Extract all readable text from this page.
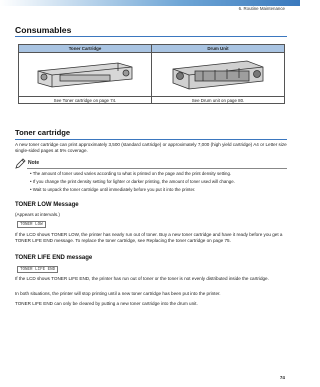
6. Routine Maintenance
Consumables
Toner Cartridge	Drum Unit

See Toner cartridge on page 74.	See Drum unit on page 80.
Toner cartridge
A new toner cartridge can print approximately 3,500 (standard cartridge) or approximately 7,000 (high yield cartridge) A4 or Letter size single-sided pages at 5% coverage.
Note
• The amount of toner used varies according to what is printed on the page and the print density setting.
• If you change the print density setting for lighter or darker printing, the amount of toner used will change.
• Wait to unpack the toner cartridge until immediately before you put it into the printer.
TONER LOW Message
(Appears at intervals.)
TONER LOW
If the LCD shows TONER LOW, the printer has nearly run out of toner. Buy a new toner cartridge and have it ready before you get a TONER LIFE END message. To replace the toner cartridge, see Replacing the toner cartridge on page 75.
TONER LIFE END message
TONER LIFE END
If the LCD shows TONER LIFE END, the printer has run out of toner or the toner is not evenly distributed inside the cartridge.
In both situations, the printer will stop printing until a new toner cartridge has been put into the printer.
TONER LIFE END can only be cleared by putting a new toner cartridge into the drum unit.
74
